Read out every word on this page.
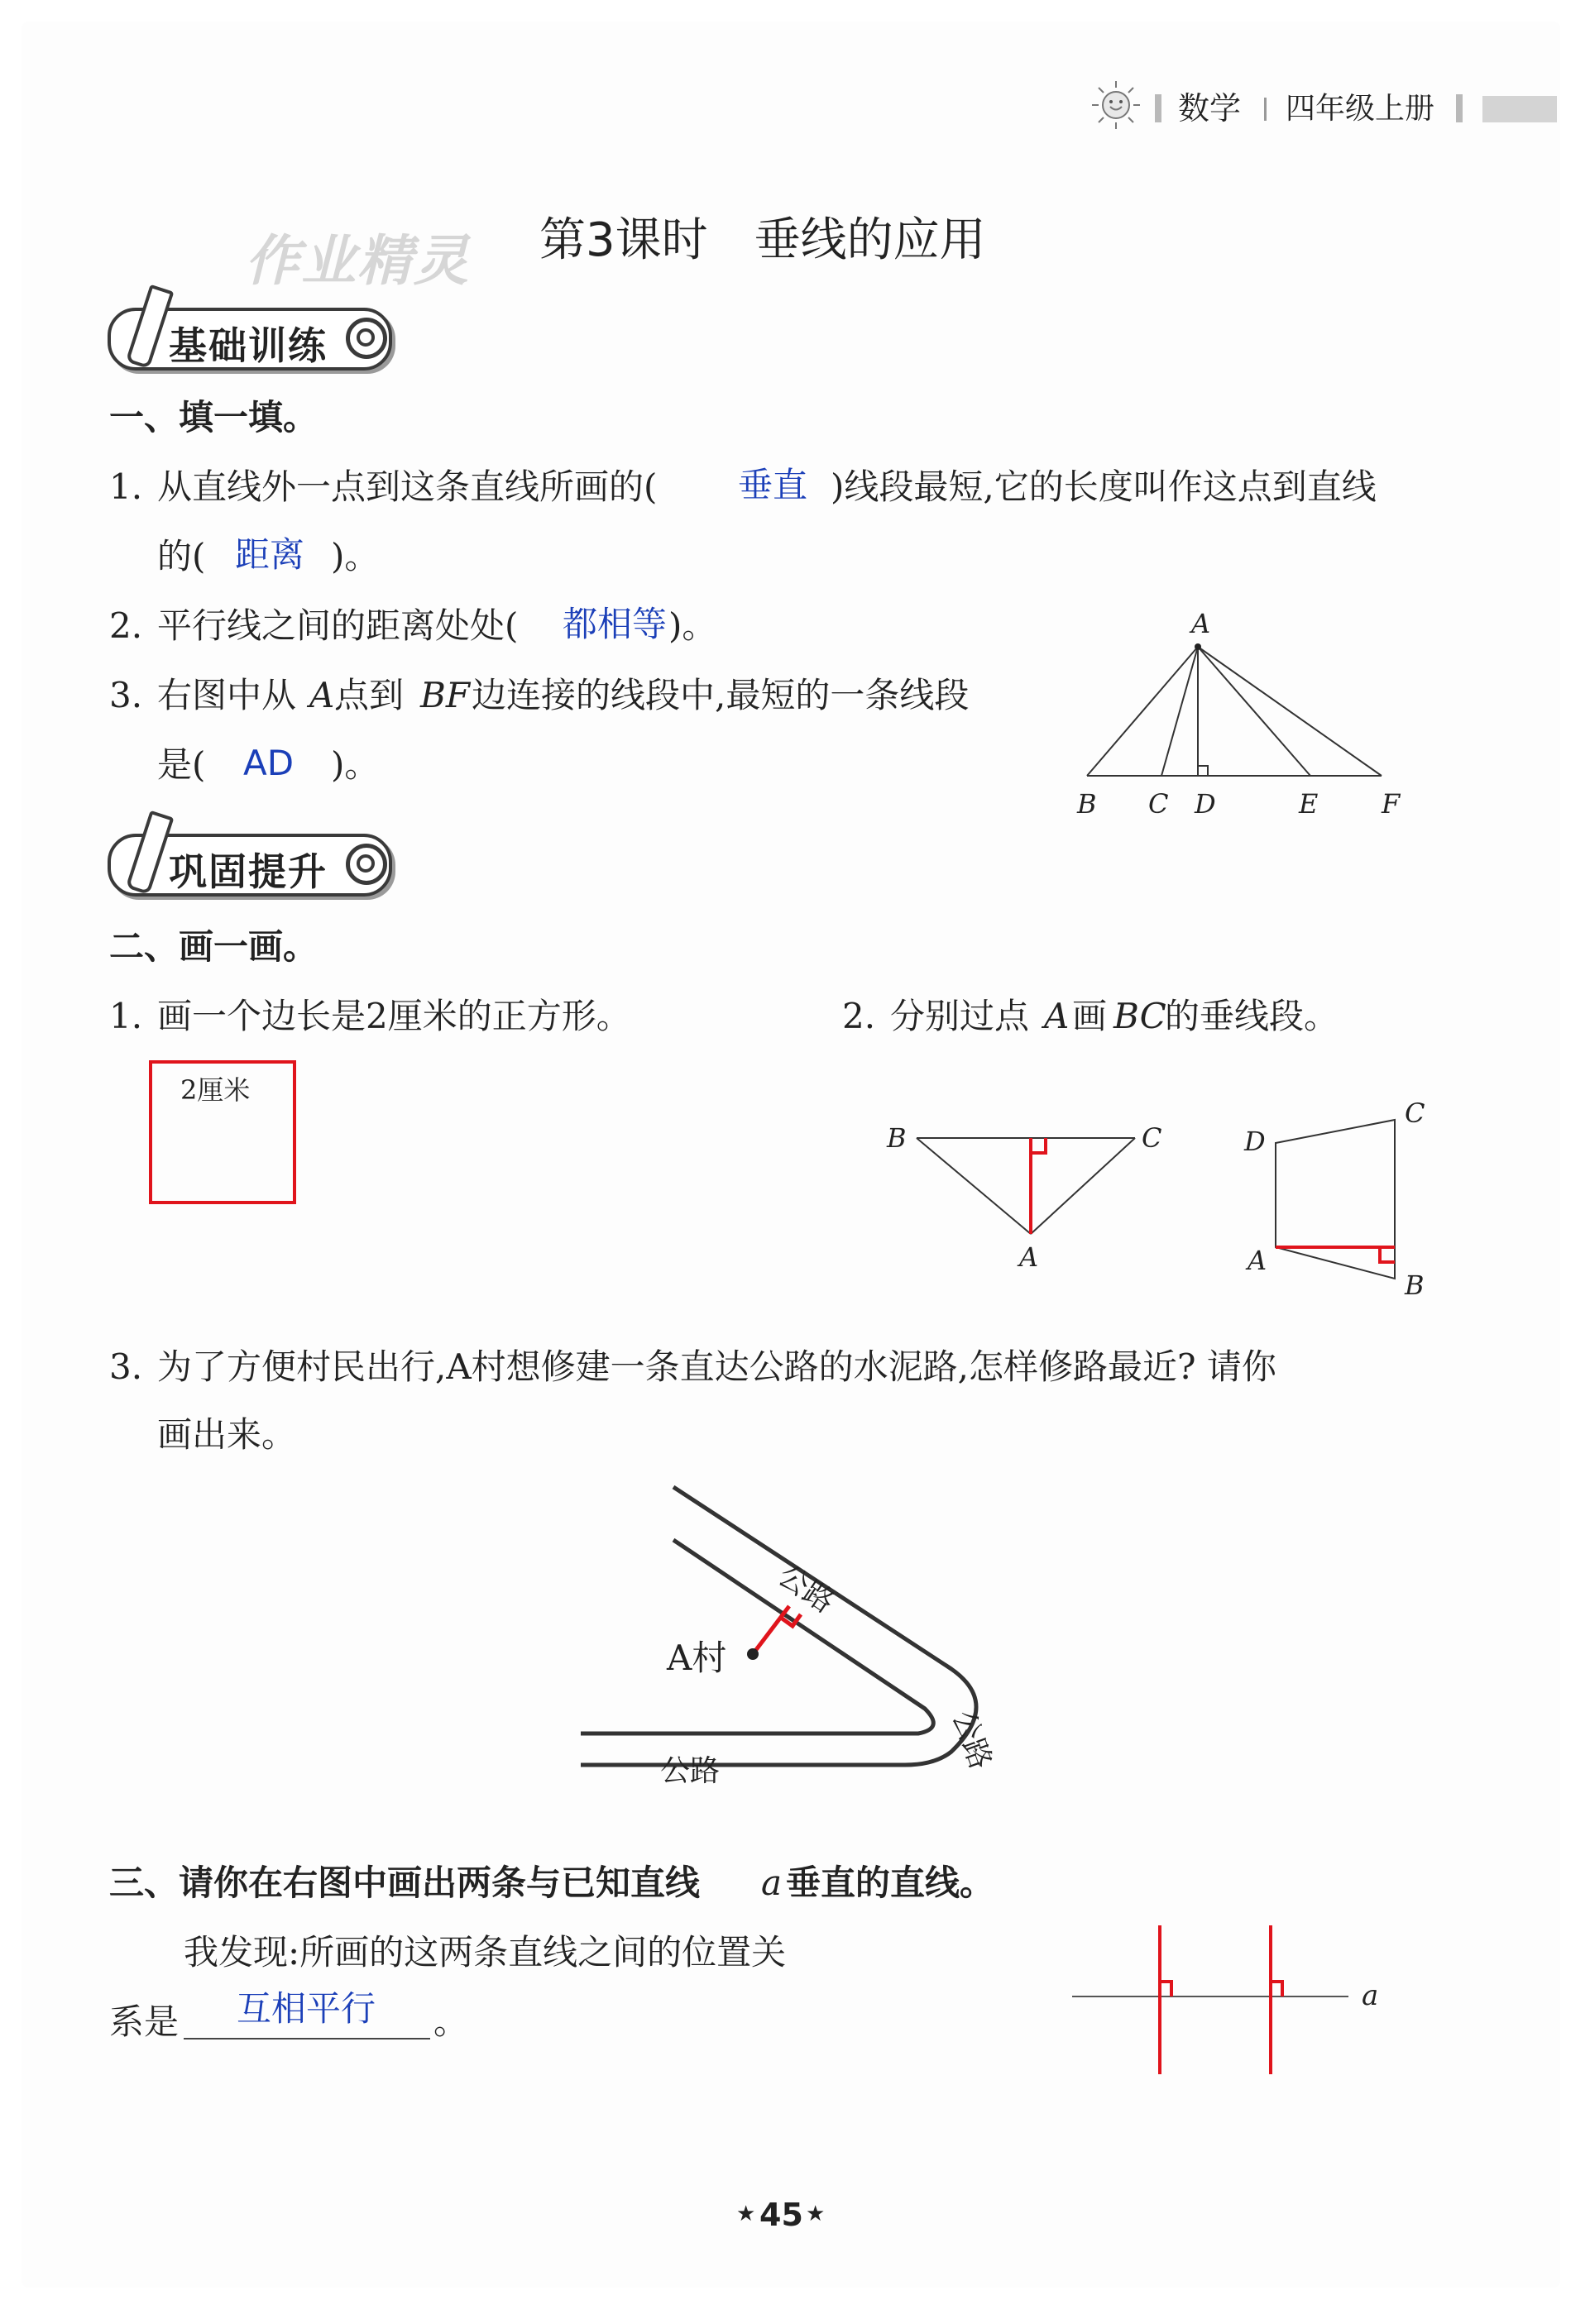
数学 四年级上册
作业精灵 第3课时　垂线的应用
基础训练
一、填一填。
1. 从直线外一点到这条直线所画的( 垂直 )线段最短,它的长度叫作这点到直线
的( 距离 )。
2. 平行线之间的距离处处( 都相等 )。
3. 右图中从 A 点到 BF 边连接的线段中,最短的一条线段
是( AD )。
A
B C D	E F
巩固提升
二、画一画。
1. 画一个边长是2厘米的正方形。
2厘米
2. 分别过点 A 画 BC
的垂线段。
B	C
A
D
C
A
B
3. 为了方便村民出行,A村想修建一条直达公路的水泥路,怎样修路最近? 请你
画出来。
A村
公路
公路
公路
三、请你在右图中画出两条与已知直线 a 垂直的直线。
我发现:所画的这两条直线之间的位置关
系是 互相平行 。
a
★ 45 ★
